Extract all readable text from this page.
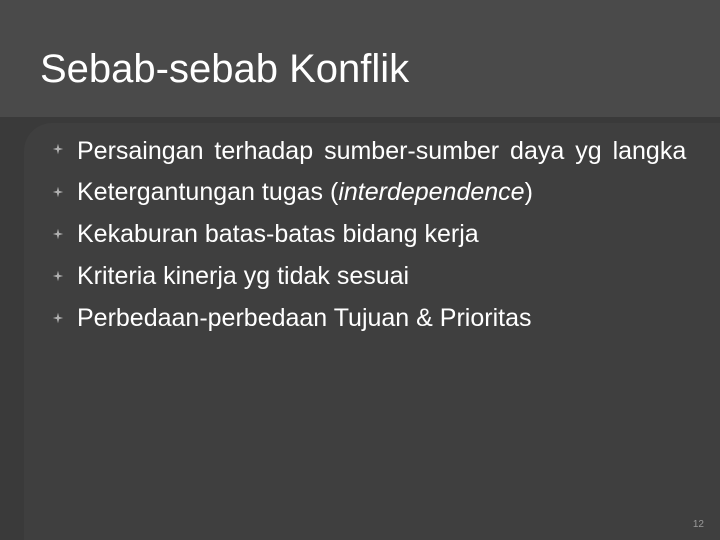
Sebab-sebab Konflik
Persaingan terhadap sumber-sumber daya yg langka
Ketergantungan tugas (interdependence)
Kekaburan batas-batas bidang kerja
Kriteria kinerja yg tidak sesuai
Perbedaan-perbedaan Tujuan & Prioritas
12
